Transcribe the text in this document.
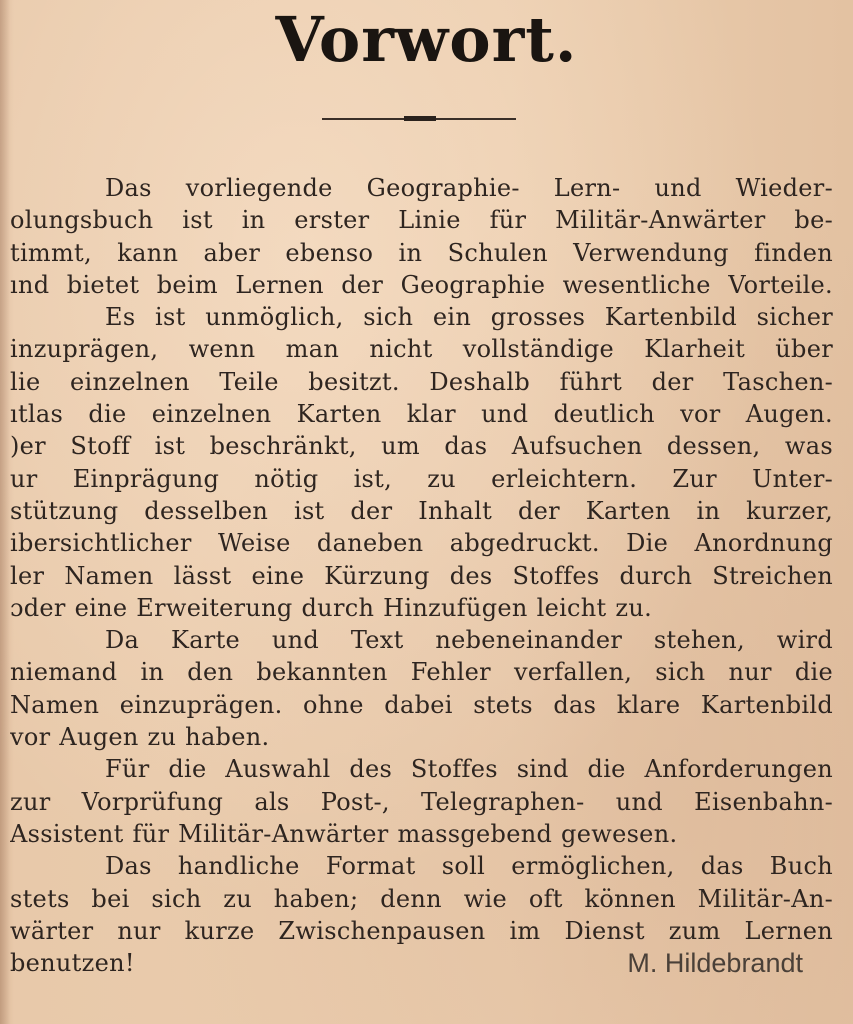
Vorwort.
Das vorliegende Geographie- Lern- und Wieder-
olungsbuch ist in erster Linie für Militär-Anwärter be-
timmt, kann aber ebenso in Schulen Verwendung finden
ınd bietet beim Lernen der Geographie wesentliche Vorteile.
Es ist unmöglich, sich ein grosses Kartenbild sicher
inzuprägen, wenn man nicht vollständige Klarheit über
lie einzelnen Teile besitzt. Deshalb führt der Taschen-
ıtlas die einzelnen Karten klar und deutlich vor Augen.
)er Stoff ist beschränkt, um das Aufsuchen dessen, was
ur Einprägung nötig ist, zu erleichtern. Zur Unter-
stützung desselben ist der Inhalt der Karten in kurzer,
ibersichtlicher Weise daneben abgedruckt. Die Anordnung
ler Namen lässt eine Kürzung des Stoffes durch Streichen
ɔder eine Erweiterung durch Hinzufügen leicht zu.
Da Karte und Text nebeneinander stehen, wird
niemand in den bekannten Fehler verfallen, sich nur die
Namen einzuprägen. ohne dabei stets das klare Kartenbild
vor Augen zu haben.
Für die Auswahl des Stoffes sind die Anforderungen
zur Vorprüfung als Post-, Telegraphen- und Eisenbahn-
Assistent für Militär-Anwärter massgebend gewesen.
Das handliche Format soll ermöglichen, das Buch
stets bei sich zu haben; denn wie oft können Militär-An-
wärter nur kurze Zwischenpausen im Dienst zum Lernen
benutzen!	M. Hildebrandt
